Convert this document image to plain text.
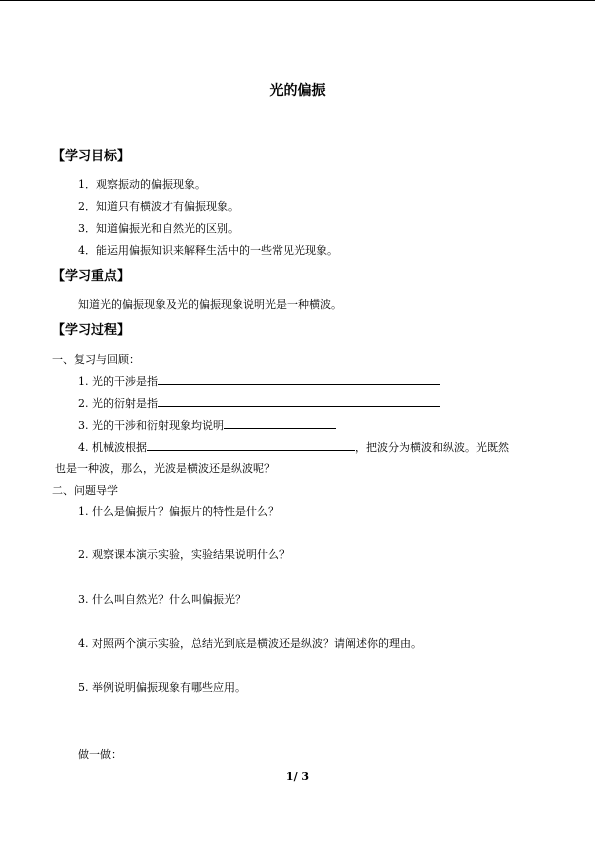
光的偏振
【学习目标】
1．观察振动的偏振现象。
2．知道只有横波才有偏振现象。
3．知道偏振光和自然光的区别。
4．能运用偏振知识来解释生活中的一些常见光现象。
【学习重点】
知道光的偏振现象及光的偏振现象说明光是一种横波。
【学习过程】
一、复习与回顾：
1. 光的干涉是指
2. 光的衍射是指
3. 光的干涉和衍射现象均说明
4. 机械波根据	，把波分为横波和纵波。光既然
也是一种波，那么，光波是横波还是纵波呢？
二、问题导学
1. 什么是偏振片？偏振片的特性是什么？
2. 观察课本演示实验，实验结果说明什么？
3. 什么叫自然光？什么叫偏振光？
4. 对照两个演示实验，总结光到底是横波还是纵波？请阐述你的理由。
5. 举例说明偏振现象有哪些应用。
做一做：
1/ 3
